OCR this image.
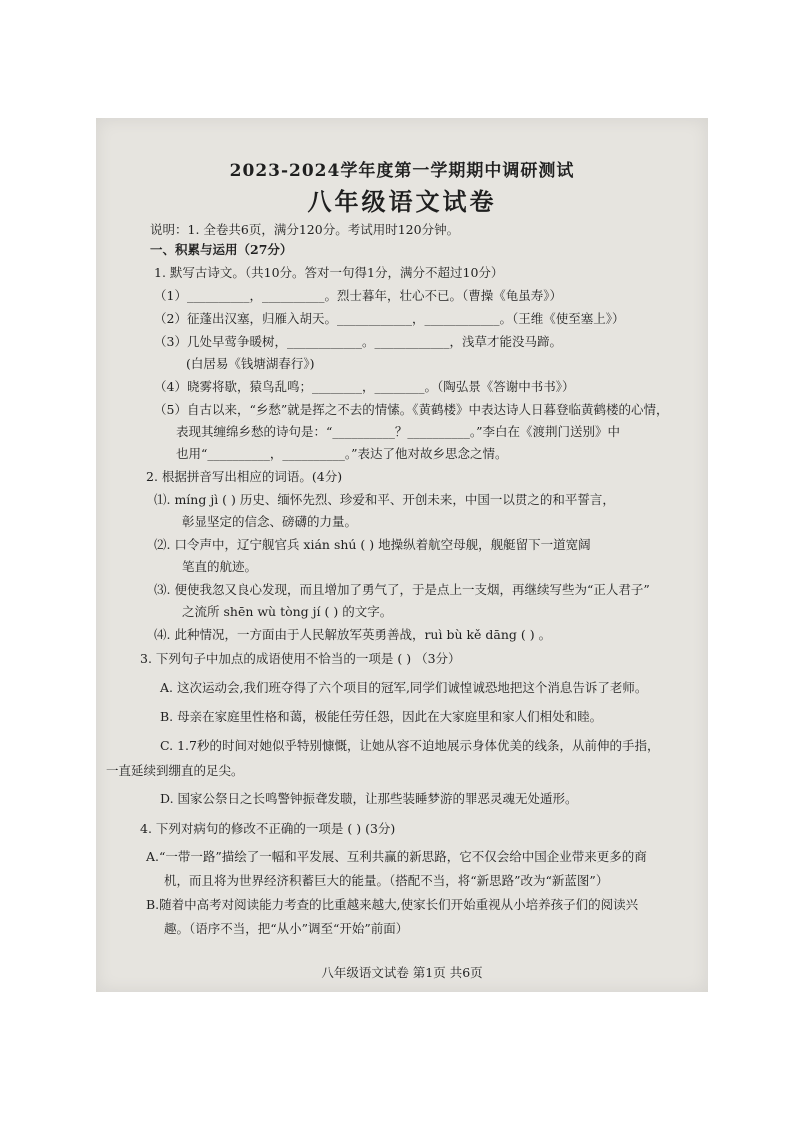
2023-2024学年度第一学期期中调研测试
八年级语文试卷
说明：1. 全卷共6页，满分120分。考试用时120分钟。
一、积累与运用（27分）
1. 默写古诗文。（共10分。答对一句得1分，满分不超过10分）
（1）__________，__________。烈士暮年，壮心不已。（曹操《龟虽寿》）
（2）征蓬出汉塞，归雁入胡天。____________，____________。（王维《使至塞上》）
（3）几处早莺争暖树，____________。____________，浅草才能没马蹄。
(白居易《钱塘湖春行》)
（4）晓雾将歇，猿鸟乱鸣；________，________。（陶弘景《答谢中书书》）
（5）自古以来，“乡愁”就是挥之不去的情愫。《黄鹤楼》中表达诗人日暮登临黄鹤楼的心情，
表现其缠绵乡愁的诗句是：“__________？__________。”李白在《渡荆门送别》中
也用“__________，__________。”表达了他对故乡思念之情。
2. 根据拼音写出相应的词语。(4分)
⑴. míng jì ( ) 历史、缅怀先烈、珍爱和平、开创未来，中国一以贯之的和平誓言，
彰显坚定的信念、磅礴的力量。
⑵. 口令声中，辽宁舰官兵 xián shú ( ) 地操纵着航空母舰，舰艇留下一道宽阔
笔直的航迹。
⑶. 便使我忽又良心发现，而且增加了勇气了，于是点上一支烟，再继续写些为“正人君子”
之流所 shēn wù tòng jí ( ) 的文字。
⑷. 此种情况，一方面由于人民解放军英勇善战，ruì bù kě dāng ( ) 。
3. 下列句子中加点的成语使用不恰当的一项是 ( ) （3分）
A. 这次运动会,我们班夺得了六个项目的冠军,同学们诚惶诚恐地把这个消息告诉了老师。
B. 母亲在家庭里性格和蔼，极能任劳任怨，因此在大家庭里和家人们相处和睦。
C. 1.7秒的时间对她似乎特别慷慨，让她从容不迫地展示身体优美的线条，从前伸的手指，
一直延续到绷直的足尖。
D. 国家公祭日之长鸣警钟振聋发聩，让那些装睡梦游的罪恶灵魂无处遁形。
4. 下列对病句的修改不正确的一项是 ( ) (3分)
A.“一带一路”描绘了一幅和平发展、互利共赢的新思路，它不仅会给中国企业带来更多的商
机，而且将为世界经济积蓄巨大的能量。（搭配不当，将“新思路”改为“新蓝图”）
B.随着中高考对阅读能力考查的比重越来越大,使家长们开始重视从小培养孩子们的阅读兴
趣。（语序不当，把“从小”调至“开始”前面）
八年级语文试卷 第1页 共6页
